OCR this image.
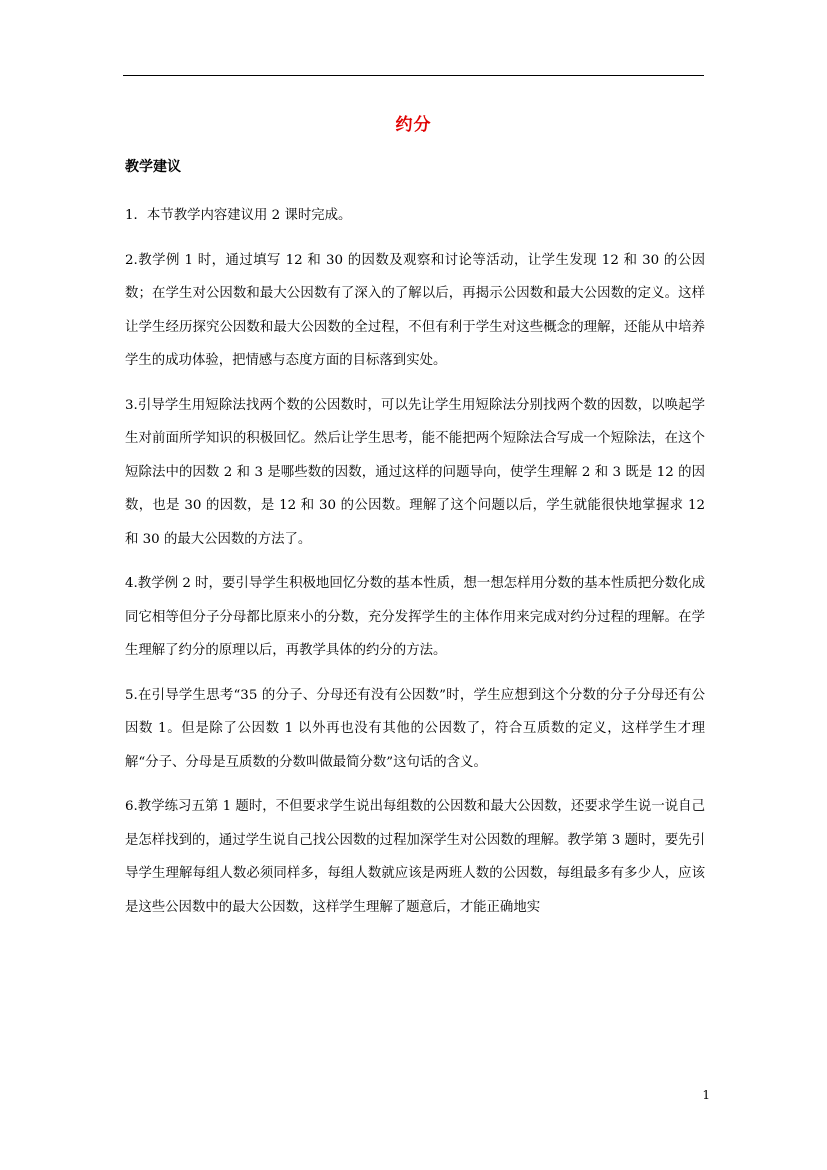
约分
教学建议

1．本节教学内容建议用 2 课时完成。

2.教学例 1 时，通过填写 12 和 30 的因数及观察和讨论等活动，让学生发现 12 和 30 的公因数；在学生对公因数和最大公因数有了深入的了解以后，再揭示公因数和最大公因数的定义。这样让学生经历探究公因数和最大公因数的全过程，不但有利于学生对这些概念的理解，还能从中培养学生的成功体验，把情感与态度方面的目标落到实处。

3.引导学生用短除法找两个数的公因数时，可以先让学生用短除法分别找两个数的因数，以唤起学生对前面所学知识的积极回忆。然后让学生思考，能不能把两个短除法合写成一个短除法，在这个短除法中的因数 2 和 3 是哪些数的因数，通过这样的问题导向，使学生理解 2 和 3 既是 12 的因数，也是 30 的因数，是 12 和 30 的公因数。理解了这个问题以后，学生就能很快地掌握求 12 和 30 的最大公因数的方法了。

4.教学例 2 时，要引导学生积极地回忆分数的基本性质，想一想怎样用分数的基本性质把分数化成同它相等但分子分母都比原来小的分数，充分发挥学生的主体作用来完成对约分过程的理解。在学生理解了约分的原理以后，再教学具体的约分的方法。

5.在引导学生思考“35 的分子、分母还有没有公因数”时，学生应想到这个分数的分子分母还有公因数 1。但是除了公因数 1 以外再也没有其他的公因数了，符合互质数的定义，这样学生才理解“分子、分母是互质数的分数叫做最简分数”这句话的含义。

6.教学练习五第 1 题时，不但要求学生说出每组数的公因数和最大公因数，还要求学生说一说自己是怎样找到的，通过学生说自己找公因数的过程加深学生对公因数的理解。教学第 3 题时，要先引导学生理解每组人数必须同样多，每组人数就应该是两班人数的公因数，每组最多有多少人，应该是这些公因数中的最大公因数，这样学生理解了题意后，才能正确地实

1
